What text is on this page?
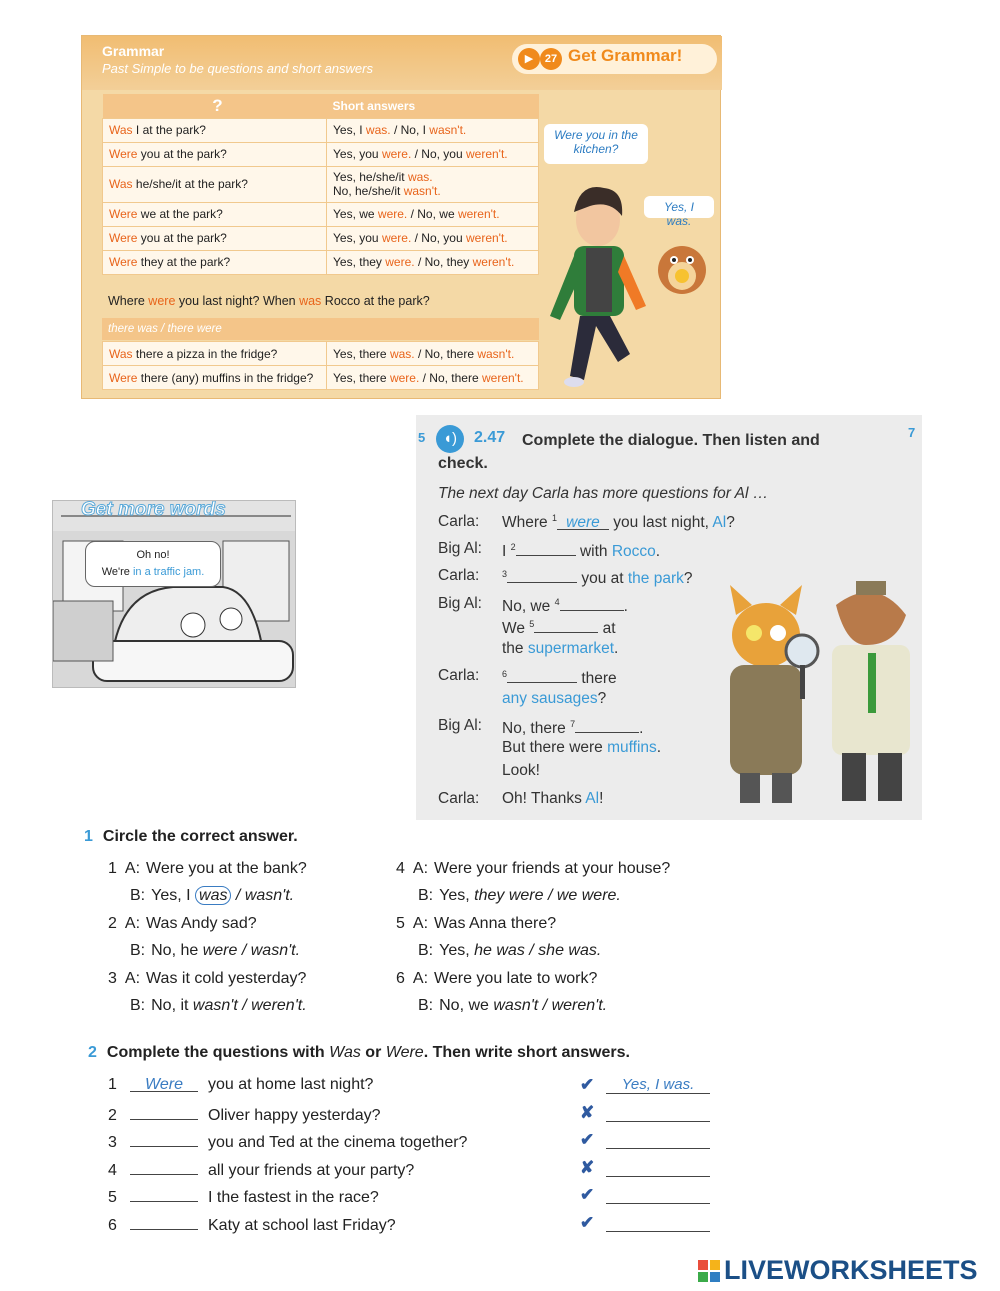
Grammar
Past Simple to be questions and short answers
▶	27 Get Grammar!
?	Short answers
Was I at the park?	Yes, I was. / No, I wasn't.
Were you at the park?	Yes, you were. / No, you weren't.
Was he/she/it at the park?	Yes, he/she/it was.
No, he/she/it wasn't.

Were we at the park?	Yes, we were. / No, we weren't.
Were you at the park?	Yes, you were. / No, you weren't.
Were they at the park?	Yes, they were. / No, they weren't.
Where were you last night? When was Rocco at the park?
there was / there were
Was there a pizza in the fridge?	Yes, there was. / No, there wasn't.
Were there (any) muffins in the fridge?	Yes, there were. / No, there weren't.
Were you in the kitchen?
Yes, I was.
Get more words
Oh no!
We're in a traffic jam.
5	◖)	2.47 Complete the dialogue. Then listen and
check.
7
The next day Carla has more questions for Al …
Carla: Where $^1$ were you last night, Al?
Big Al: I $^2$	with Rocco.
Carla:	$^3$	you at the park?
Big Al: No, we $^4$	.
We $^5$	at
the supermarket.
Carla:	$^6$	there
any sausages?
Big Al: No, there $^7$	.
But there were muffins.
Look!
Carla: Oh! Thanks Al!
1 Circle the correct answer.
1 A: Were you at the bank?
B: Yes, I was / wasn't.
2 A: Was Andy sad?
B: No, he were / wasn't.
3 A: Was it cold yesterday?
B: No, it wasn't / weren't.
4 A: Were your friends at your house?
B: Yes, they were / we were.
5 A: Was Anna there?
B: Yes, he was / she was.
6 A: Were you late to work?
B: No, we wasn't / weren't.
2 Complete the questions with Was or Were. Then write short answers.
1 Were you at home last night?	✔	Yes, I was.
2	Oliver happy yesterday?	✘
3	you and Ted at the cinema together?	✔
4	all your friends at your party?	✘
5	I the fastest in the race?	✔
6	Katy at school last Friday?	✔
LIVEWORKSHEETS
